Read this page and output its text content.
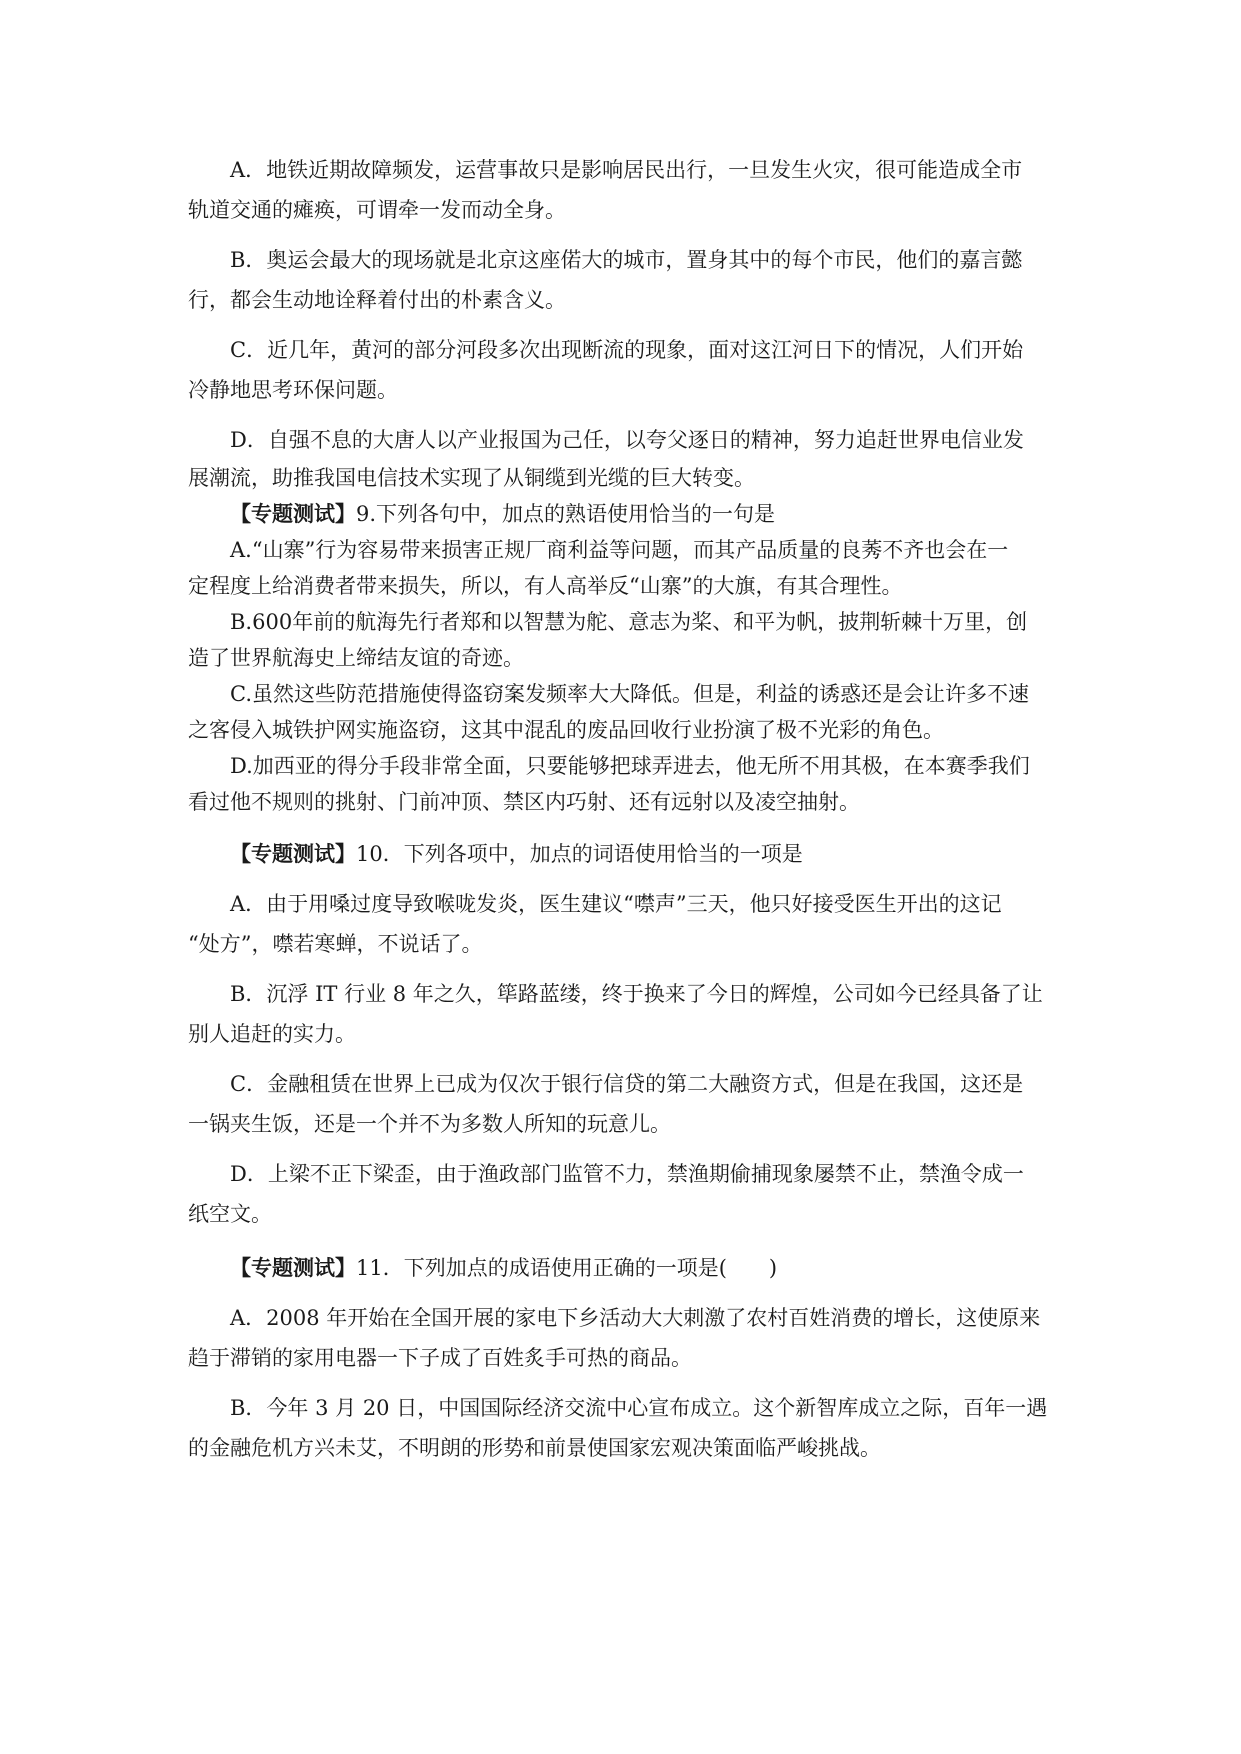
A．地铁近期故障频发，运营事故只是影响居民出行，一旦发生火灾，很可能造成全市
轨道交通的瘫痪，可谓牵一发而动全身。
B．奥运会最大的现场就是北京这座偌大的城市，置身其中的每个市民，他们的嘉言懿
行，都会生动地诠释着付出的朴素含义。
C．近几年，黄河的部分河段多次出现断流的现象，面对这江河日下的情况，人们开始
冷静地思考环保问题。
D．自强不息的大唐人以产业报国为己任，以夸父逐日的精神，努力追赶世界电信业发
展潮流，助推我国电信技术实现了从铜缆到光缆的巨大转变。
【专题测试】9.下列各句中，加点的熟语使用恰当的一句是
A.“山寨”行为容易带来损害正规厂商利益等问题，而其产品质量的良莠不齐也会在一
定程度上给消费者带来损失，所以，有人高举反“山寨”的大旗，有其合理性。
B.600年前的航海先行者郑和以智慧为舵、意志为桨、和平为帆，披荆斩棘十万里，创
造了世界航海史上缔结友谊的奇迹。
C.虽然这些防范措施使得盗窃案发频率大大降低。但是，利益的诱惑还是会让许多不速
之客侵入城铁护网实施盗窃，这其中混乱的废品回收行业扮演了极不光彩的角色。
D.加西亚的得分手段非常全面，只要能够把球弄进去，他无所不用其极，在本赛季我们
看过他不规则的挑射、门前冲顶、禁区内巧射、还有远射以及凌空抽射。
【专题测试】10．下列各项中，加点的词语使用恰当的一项是
A．由于用嗓过度导致喉咙发炎，医生建议“噤声”三天，他只好接受医生开出的这记
“处方”，噤若寒蝉，不说话了。
B．沉浮 IT 行业 8 年之久，筚路蓝缕，终于换来了今日的辉煌，公司如今已经具备了让
别人追赶的实力。
C．金融租赁在世界上已成为仅次于银行信贷的第二大融资方式，但是在我国，这还是
一锅夹生饭，还是一个并不为多数人所知的玩意儿。
D．上梁不正下梁歪，由于渔政部门监管不力，禁渔期偷捕现象屡禁不止，禁渔令成一
纸空文。
【专题测试】11．下列加点的成语使用正确的一项是(　　)
A．2008 年开始在全国开展的家电下乡活动大大刺激了农村百姓消费的增长，这使原来
趋于滞销的家用电器一下子成了百姓炙手可热的商品。
B．今年 3 月 20 日，中国国际经济交流中心宣布成立。这个新智库成立之际，百年一遇
的金融危机方兴未艾，不明朗的形势和前景使国家宏观决策面临严峻挑战。
